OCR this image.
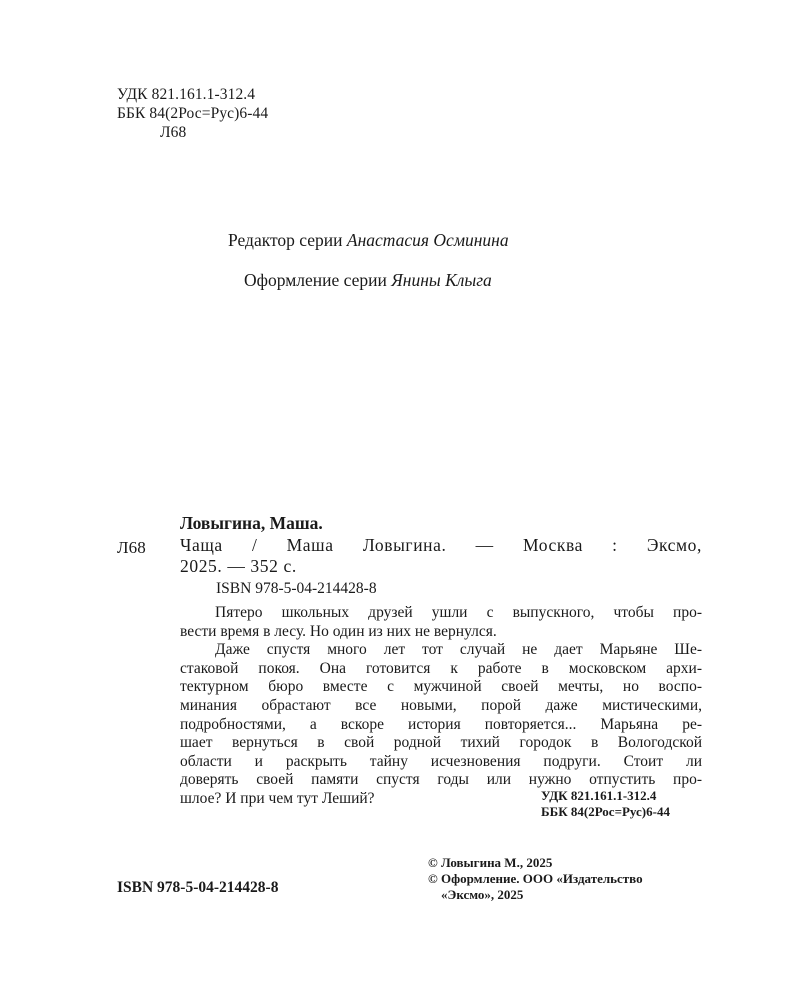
УДК 821.161.1-312.4
ББК 84(2Рос=Рус)6-44
Л68
Редактор серии Анастасия Осминина
Оформление серии Янины Клыга
Ловыгина, Маша.
Л68 Чаща / Маша Ловыгина. — Москва : Эксмо,
2025. — 352 с.
ISBN 978-5-04-214428-8

Пятеро школьных друзей ушли с выпускного, чтобы про-

вести время в лесу. Но один из них не вернулся.

Даже спустя много лет тот случай не дает Марьяне Ше-

стаковой покоя. Она готовится к работе в московском архи-

тектурном бюро вместе с мужчиной своей мечты, но воспо-

минания обрастают все новыми, порой даже мистическими,

подробностями, а вскоре история повторяется... Марьяна ре-

шает вернуться в свой родной тихий городок в Вологодской

области и раскрыть тайну исчезновения подруги. Стоит ли

доверять своей памяти спустя годы или нужно отпустить про-

шлое? И при чем тут Леший?	УДК 821.161.1-312.4
ББК 84(2Рос=Рус)6-44
ISBN 978-5-04-214428-8
© Ловыгина М., 2025
© Оформление. ООО «Издательство
«Эксмо», 2025
